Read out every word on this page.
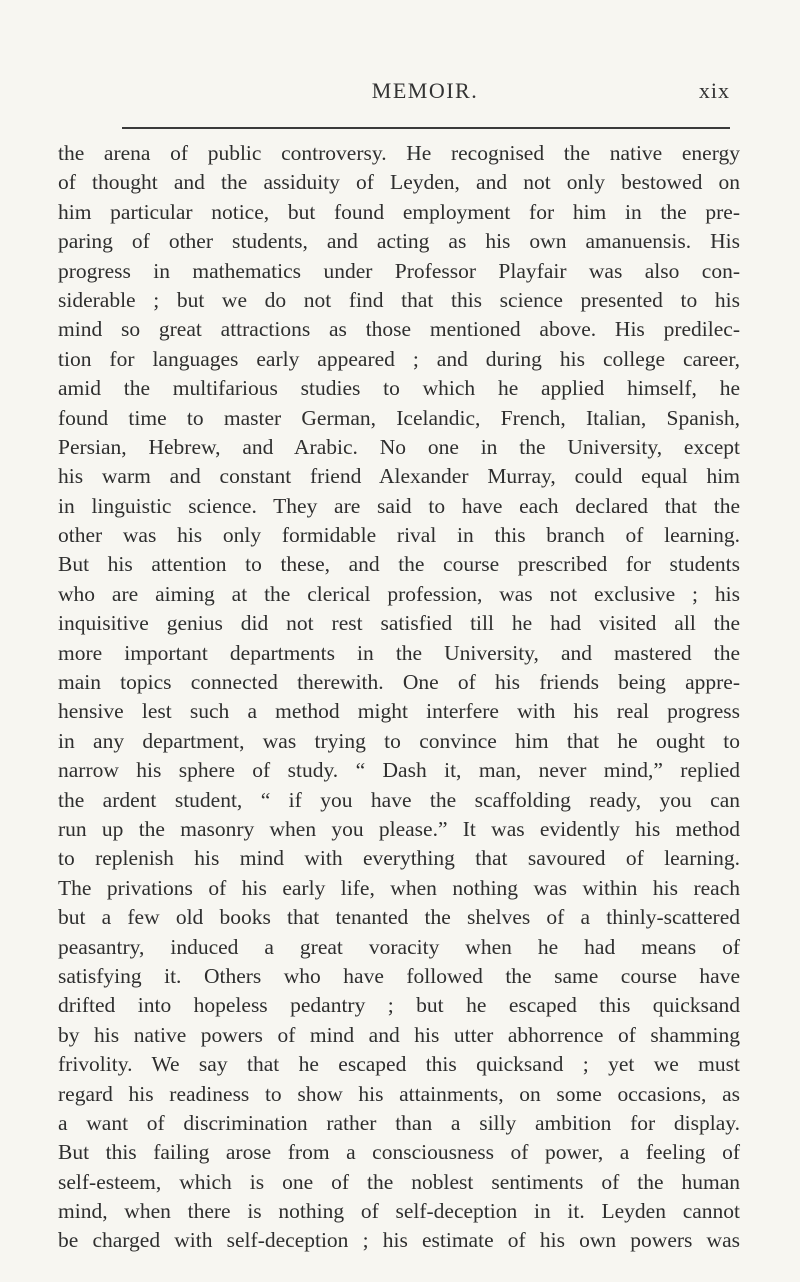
MEMOIR.	xix
the arena of public controversy. He recognised the native energy
of thought and the assiduity of Leyden, and not only bestowed on
him particular notice, but found employment for him in the pre-
paring of other students, and acting as his own amanuensis. His
progress in mathematics under Professor Playfair was also con-
siderable ; but we do not find that this science presented to his
mind so great attractions as those mentioned above. His predilec-
tion for languages early appeared ; and during his college career,
amid the multifarious studies to which he applied himself, he
found time to master German, Icelandic, French, Italian, Spanish,
Persian, Hebrew, and Arabic. No one in the University, except
his warm and constant friend Alexander Murray, could equal him
in linguistic science. They are said to have each declared that the
other was his only formidable rival in this branch of learning.
But his attention to these, and the course prescribed for students
who are aiming at the clerical profession, was not exclusive ; his
inquisitive genius did not rest satisfied till he had visited all the
more important departments in the University, and mastered the
main topics connected therewith. One of his friends being appre-
hensive lest such a method might interfere with his real progress
in any department, was trying to convince him that he ought to
narrow his sphere of study. “ Dash it, man, never mind,” replied
the ardent student, “ if you have the scaffolding ready, you can
run up the masonry when you please.” It was evidently his method
to replenish his mind with everything that savoured of learning.
The privations of his early life, when nothing was within his reach
but a few old books that tenanted the shelves of a thinly-scattered
peasantry, induced a great voracity when he had means of
satisfying it. Others who have followed the same course have
drifted into hopeless pedantry ; but he escaped this quicksand
by his native powers of mind and his utter abhorrence of shamming
frivolity. We say that he escaped this quicksand ; yet we must
regard his readiness to show his attainments, on some occasions, as
a want of discrimination rather than a silly ambition for display.
But this failing arose from a consciousness of power, a feeling of
self-esteem, which is one of the noblest sentiments of the human
mind, when there is nothing of self-deception in it. Leyden cannot
be charged with self-deception ; his estimate of his own powers was
